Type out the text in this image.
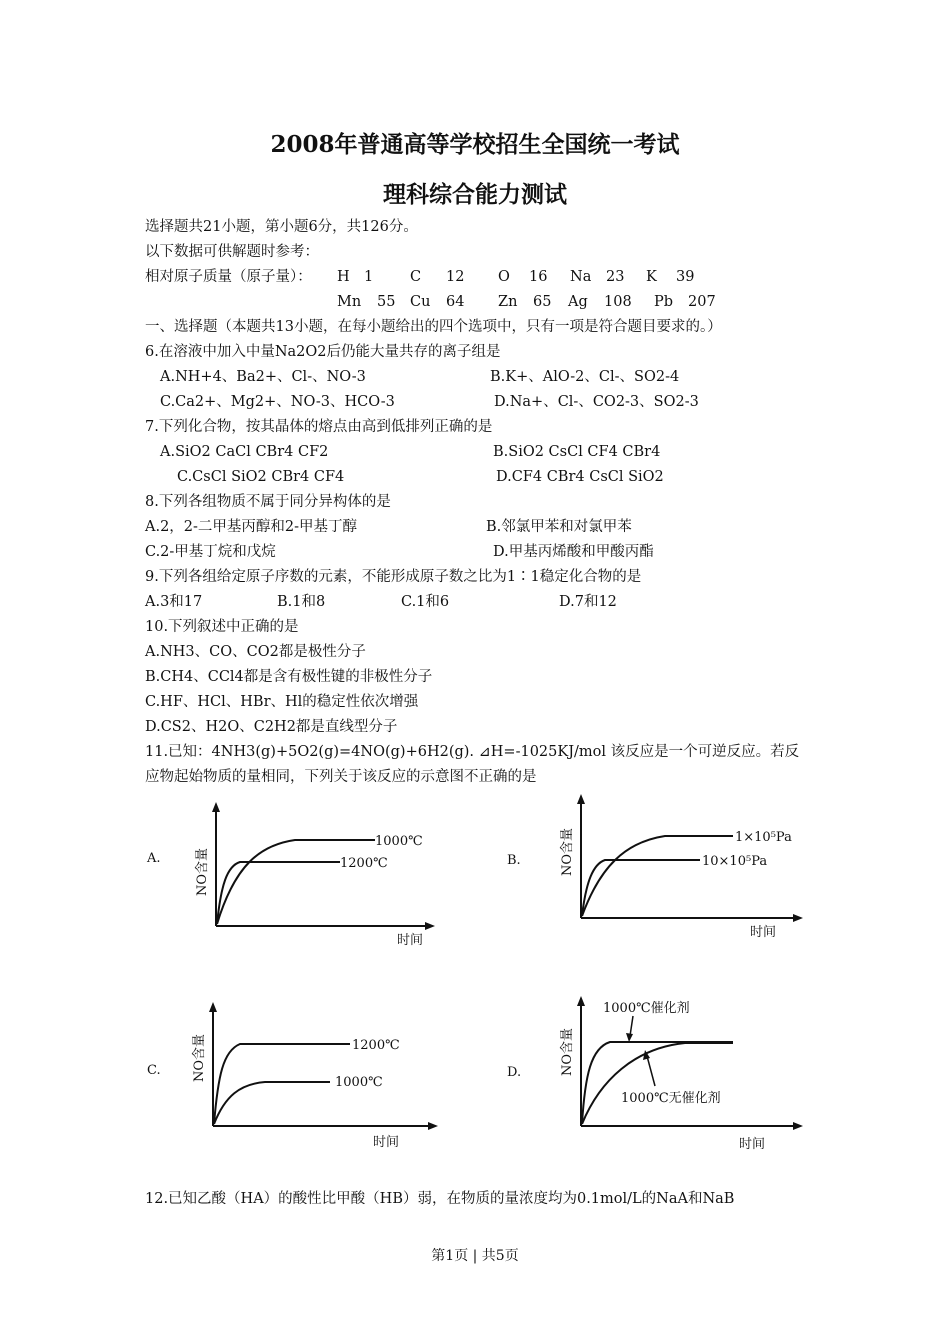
2008年普通高等学校招生全国统一考试
理科综合能力测试
选择题共21小题，第小题6分，共126分。
以下数据可供解题时参考：
相对原子质量（原子量）： H 1	C 12 O 16 Na 23 K 39
Mn 55 Cu 64 Zn 65 Ag 108 Pb 207
一、选择题（本题共13小题，在每小题给出的四个选项中，只有一项是符合题目要求的。）
6.在溶液中加入中量Na2O2后仍能大量共存的离子组是
A.NH+4、Ba2+、Cl-、NO-3	B.K+、AlO-2、Cl-、SO2-4
C.Ca2+、Mg2+、NO-3、HCO-3	D.Na+、Cl-、CO2-3、SO2-3
7.下列化合物，按其晶体的熔点由高到低排列正确的是
A.SiO2 CaCl CBr4 CF2	B.SiO2 CsCl CF4 CBr4
C.CsCl SiO2 CBr4 CF4	D.CF4 CBr4 CsCl SiO2
8.下列各组物质不属于同分异构体的是
A.2，2-二甲基丙醇和2-甲基丁醇	B.邻氯甲苯和对氯甲苯
C.2-甲基丁烷和戊烷	D.甲基丙烯酸和甲酸丙酯
9.下列各组给定原子序数的元素，不能形成原子数之比为1∶1稳定化合物的是
A.3和17	B.1和8	C.1和6	D.7和12
10.下列叙述中正确的是
A.NH3、CO、CO2都是极性分子
B.CH4、CCl4都是含有极性键的非极性分子
C.HF、HCl、HBr、Hl的稳定性依次增强
D.CS2、H2O、C2H2都是直线型分子
11.已知：4NH3(g)+5O2(g)=4NO(g)+6H2(g). ⊿H=-1025KJ/mol 该反应是一个可逆反应。若反
应物起始物质的量相同，下列关于该反应的示意图不正确的是
A.	NO含量
时间
1000℃
1200℃	B.	NO含量
时间
1×10⁵Pa
10×10⁵Pa
C. NO含量
时间
1200℃
1000℃
D.	NO含量
时间
1000℃催化剂
1000℃无催化剂
12.已知乙酸（HA）的酸性比甲酸（HB）弱，在物质的量浓度均为0.1mol/L的NaA和NaB
第1页 | 共5页
